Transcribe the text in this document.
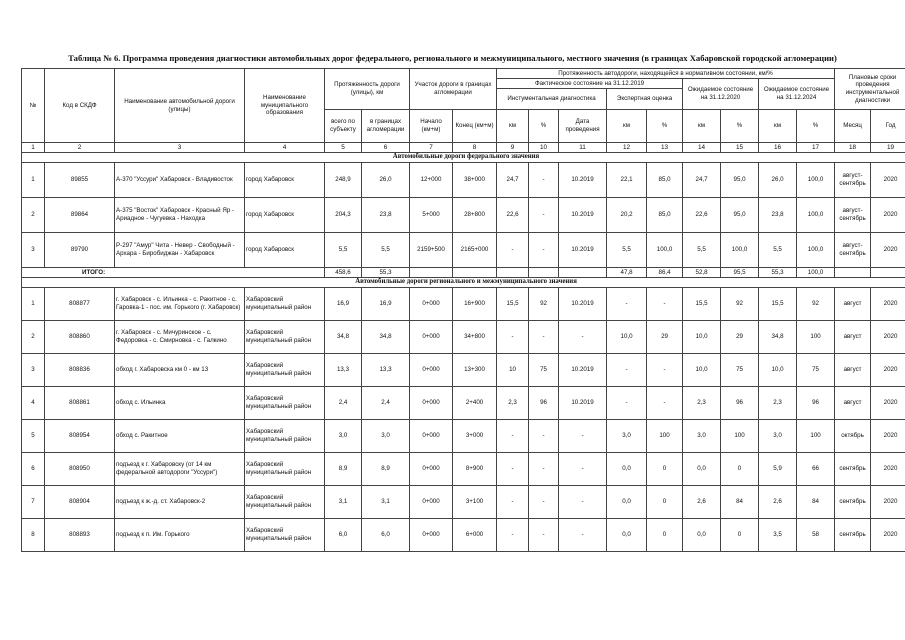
Таблица № 6. Программа проведения диагностики автомобильных дорог федерального, регионального и межмуниципального, местного значения (в границах Хабаровской городской агломерации)
№	Код в СКДФ	Наименование автомобильной дороги (улицы)	Наименование муниципального образования	Протяженность дороги (улицы), км		Участок дороги в границах агломерации		Протяженность автодороги, находящейся в нормативном состоянии, км/%									Плановые сроки проведения инструментальной диагностики	
								Фактическое состояние на 31.12.2019					Ожидаемое состояние на 31.12.2020		Ожидаемое состояние на 31.12.2024			
								Инстументальная диагностика			Экспертная оценка							
				всего по субъекту	в границах агломерации	Начало (км+м)	Конец (км+м)	км	%	Дата проведения	км	%	км	%	км	%	Месяц	Год
1	2	3	4	5	6	7	8	9	10	11	12	13	14	15	16	17	18	19
Автомобильные дороги федерального значения																		
1	89855	А-370 "Уссури" Хабаровск - Владивосток	город Хабаровск	248,9	26,0	12+000	38+000	24,7	-	10.2019	22,1	85,0	24,7	95,0	26,0	100,0	август-сентябрь	2020
2	89864	А-375 "Восток" Хабаровск - Красный Яр - Ариадное - Чугуевка - Находка	город Хабаровск	204,3	23,8	5+000	28+800	22,6	-	10.2019	20,2	85,0	22,6	95,0	23,8	100,0	август-сентябрь	2020
3	89790	Р-297 "Амур" Чита - Невер - Свободный - Архара - Биробиджан - Хабаровск	город Хабаровск	5,5	5,5	2159+500	2165+000	-	-	10.2019	5,5	100,0	5,5	100,0	5,5	100,0	август-сентябрь	2020
ИТОГО:				458,6	55,3						47,8	86,4	52,8	95,5	55,3	100,0		
Автомобильные дороги регионального и межмуниципального значения																		
1	808877	г. Хабаровск - с. Ильинка - с. Ракитное - с. Гаровка-1 - пос. им. Горького (г. Хабаровск)	Хабаровский муниципальный район	16,9	16,9	0+000	16+900	15,5	92	10.2019	-	-	15,5	92	15,5	92	август	2020
2	808860	г. Хабаровск - с. Мичуринское - с. Федоровка - с. Смирновка - с. Галкино	Хабаровский муниципальный район	34,8	34,8	0+000	34+800	-	-	-	10,0	29	10,0	29	34,8	100	август	2020
3	808836	обход г. Хабаровска км 0 - км 13	Хабаровский муниципальный район	13,3	13,3	0+000	13+300	10	75	10.2019	-	-	10,0	75	10,0	75	август	2020
4	808861	обход с. Ильинка	Хабаровский муниципальный район	2,4	2,4	0+000	2+400	2,3	96	10.2019	-	-	2,3	96	2,3	96	август	2020
5	808954	обход с. Ракитное	Хабаровский муниципальный район	3,0	3,0	0+000	3+000	-	-	-	3,0	100	3,0	100	3,0	100	октябрь	2020
6	808950	подъезд к г. Хабаровску (от 14 км федеральной автодороги "Уссури")	Хабаровский муниципальный район	8,9	8,9	0+000	8+900	-	-	-	0,0	0	0,0	0	5,9	66	сентябрь	2020
7	808904	подъезд к ж.-д. ст. Хабаровск-2	Хабаровский муниципальный район	3,1	3,1	0+000	3+100	-	-	-	0,0	0	2,6	84	2,6	84	сентябрь	2020
8	808893	подъезд к п. Им. Горького	Хабаровский муниципальный район	6,0	6,0	0+000	6+000	-	-	-	0,0	0	0,0	0	3,5	58	сентябрь	2020
